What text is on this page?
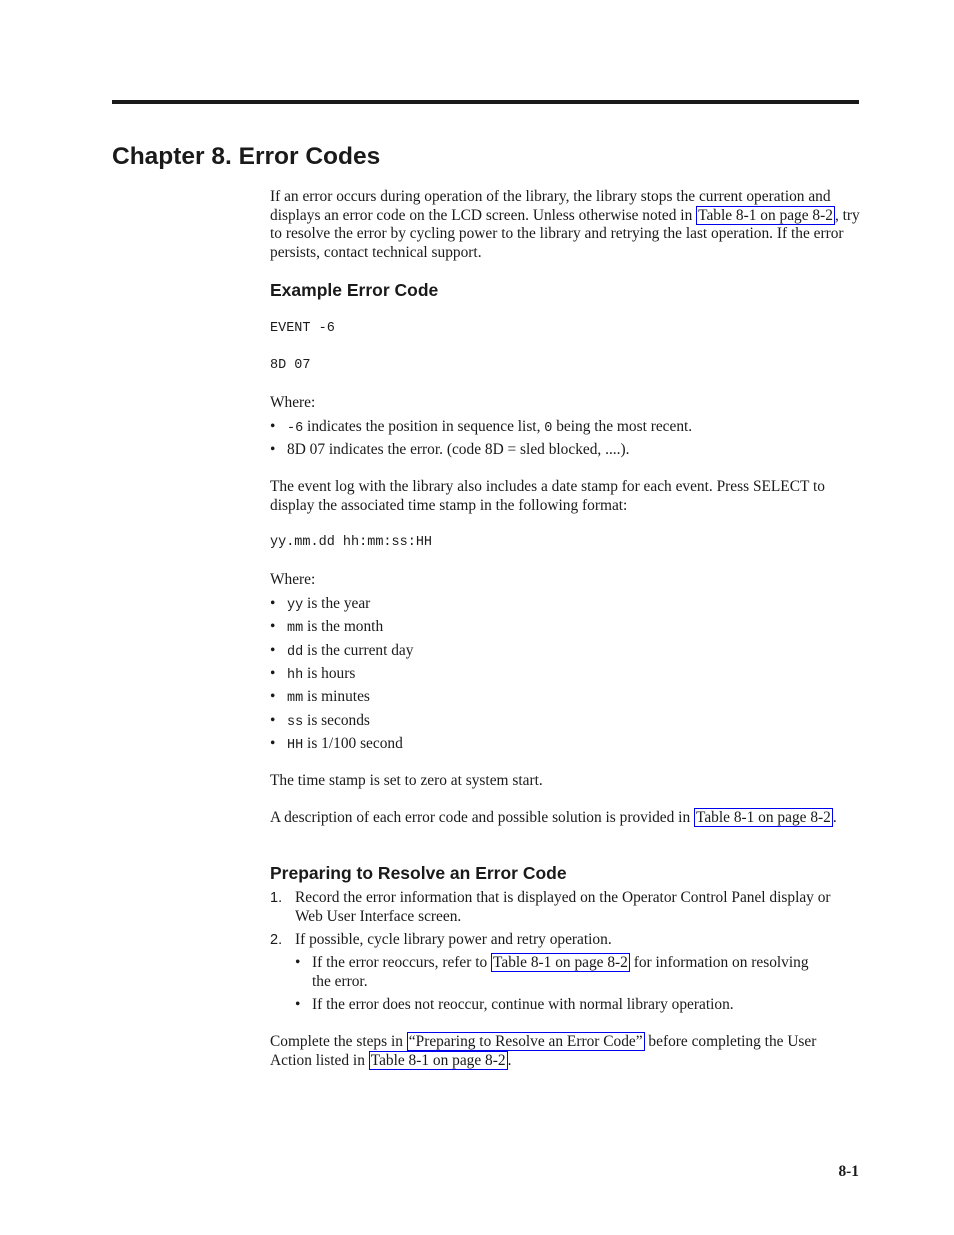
Chapter 8. Error Codes

If an error occurs during operation of the library, the library stops the current operation and displays an error code on the LCD screen. Unless otherwise noted in Table 8-1 on page 8-2 , try to resolve the error by cycling power to the library and retrying the last operation. If the error persists, contact technical support.

Example Error Code
EVENT -6
8D 07
Where:
• -6 indicates the position in sequence list, 0 being the most recent.
• 8D 07 indicates the error. (code 8D = sled blocked, ....).

The event log with the library also includes a date stamp for each event. Press SELECT to display the associated time stamp in the following format:

yy.mm.dd hh:mm:ss:HH
Where:
• yy is the year
• mm is the month
• dd is the current day
• hh is hours
• mm is minutes
• ss is seconds
• HH is 1/100 second

The time stamp is set to zero at system start.

A description of each error code and possible solution is provided in Table 8-1 on page 8-2 .

Preparing to Resolve an Error Code
1. Record the error information that is displayed on the Operator Control Panel display or Web User Interface screen.
2. If possible, cycle library power and retry operation.
• If the error reoccurs, refer to Table 8-1 on page 8-2 for information on resolving the error.
• If the error does not reoccur, continue with normal library operation.

Complete the steps in “Preparing to Resolve an Error Code” before completing the User Action listed in Table 8-1 on page 8-2 .

8-1
